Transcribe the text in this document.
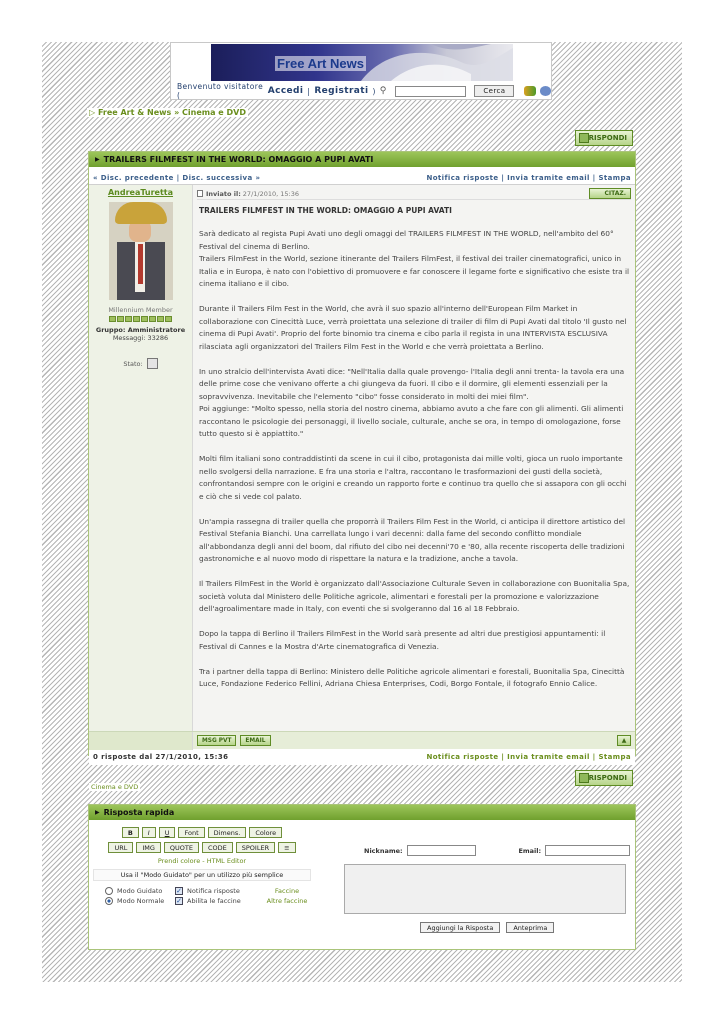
Free Art News
Benvenuto visitatore (	Accedi | Registrati ) ⚲	Cerca
▷ Free Art & News » Cinema e DVD
RISPONDI
▶ TRAILERS FILMFEST IN THE WORLD: OMAGGIO A PUPI AVATI
« Disc. precedente | Disc. successiva »	Notifica risposte | Invia tramite email | Stampa
AndreaTuretta
Millennium Member
Gruppo: Amministratore
Messaggi: 33286
Stato:
Inviato il: 27/1/2010, 15:36	CITAZ.
TRAILERS FILMFEST IN THE WORLD: OMAGGIO A PUPI AVATI
Sarà dedicato al regista Pupi Avati uno degli omaggi del TRAILERS FILMFEST IN THE WORLD, nell'ambito del 60° Festival del cinema di Berlino.
Trailers FilmFest in the World, sezione itinerante del Trailers FilmFest, il festival dei trailer cinematografici, unico in Italia e in Europa, è nato con l'obiettivo di promuovere e far conoscere il legame forte e significativo che esiste tra il cinema italiano e il cibo.
Durante il Trailers Film Fest in the World, che avrà il suo spazio all'interno dell'European Film Market in collaborazione con Cinecittà Luce, verrà proiettata una selezione di trailer di film di Pupi Avati dal titolo 'Il gusto nel cinema di Pupi Avati'. Proprio del forte binomio tra cinema e cibo parla il regista in una INTERVISTA ESCLUSIVA rilasciata agli organizzatori del Trailers Film Fest in the World e che verrà proiettata a Berlino.
In uno stralcio dell'intervista Avati dice: "Nell'Italia dalla quale provengo- l'Italia degli anni trenta- la tavola era una delle prime cose che venivano offerte a chi giungeva da fuori. Il cibo e il dormire, gli elementi essenziali per la sopravvivenza. Inevitabile che l'elemento "cibo" fosse considerato in molti dei miei film".
Poi aggiunge: "Molto spesso, nella storia del nostro cinema, abbiamo avuto a che fare con gli alimenti. Gli alimenti raccontano le psicologie dei personaggi, il livello sociale, culturale, anche se ora, in tempo di omologazione, forse tutto questo si è appiattito."
Molti film italiani sono contraddistinti da scene in cui il cibo, protagonista dai mille volti, gioca un ruolo importante nello svolgersi della narrazione. E fra una storia e l'altra, raccontano le trasformazioni dei gusti della società, confrontandosi sempre con le origini e creando un rapporto forte e continuo tra quello che si assapora con gli occhi e ciò che si vede col palato.
Un'ampia rassegna di trailer quella che proporrà il Trailers Film Fest in the World, ci anticipa il direttore artistico del Festival Stefania Bianchi. Una carrellata lungo i vari decenni: dalla fame del secondo conflitto mondiale all'abbondanza degli anni del boom, dal rifiuto del cibo nei decenni'70 e '80, alla recente riscoperta delle tradizioni gastronomiche e al nuovo modo di rispettare la natura e la tradizione, anche a tavola.
Il Trailers FilmFest in the World è organizzato dall'Associazione Culturale Seven in collaborazione con Buonitalia Spa, società voluta dal Ministero delle Politiche agricole, alimentari e forestali per la promozione e valorizzazione dell'agroalimentare made in Italy, con eventi che si svolgeranno dal 16 al 18 Febbraio.
Dopo la tappa di Berlino il Trailers FilmFest in the World sarà presente ad altri due prestigiosi appuntamenti: il Festival di Cannes e la Mostra d'Arte cinematografica di Venezia.
Tra i partner della tappa di Berlino: Ministero delle Politiche agricole alimentari e forestali, Buonitalia Spa, Cinecittà Luce, Fondazione Federico Fellini, Adriana Chiesa Enterprises, Codi, Borgo Fontale, il fotografo Ennio Calice.
MSG PVT	EMAIL	▲
0 risposte dal 27/1/2010, 15:36	Notifica risposte | Invia tramite email | Stampa
RISPONDI
Cinema e DVD
▶ Risposta rapida
B	I	U	Font	Dimens.	Colore
URL	IMG	QUOTE	CODE	SPOILER	≡
Prendi colore - HTML Editor
Usa il "Modo Guidato" per un utilizzo più semplice
Modo Guidato ✓ Notifica risposte	Faccine
Modo Normale ✓ Abilita le faccine	Altre faccine
Nickname:	Email:
Aggiungi la Risposta	Anteprima
